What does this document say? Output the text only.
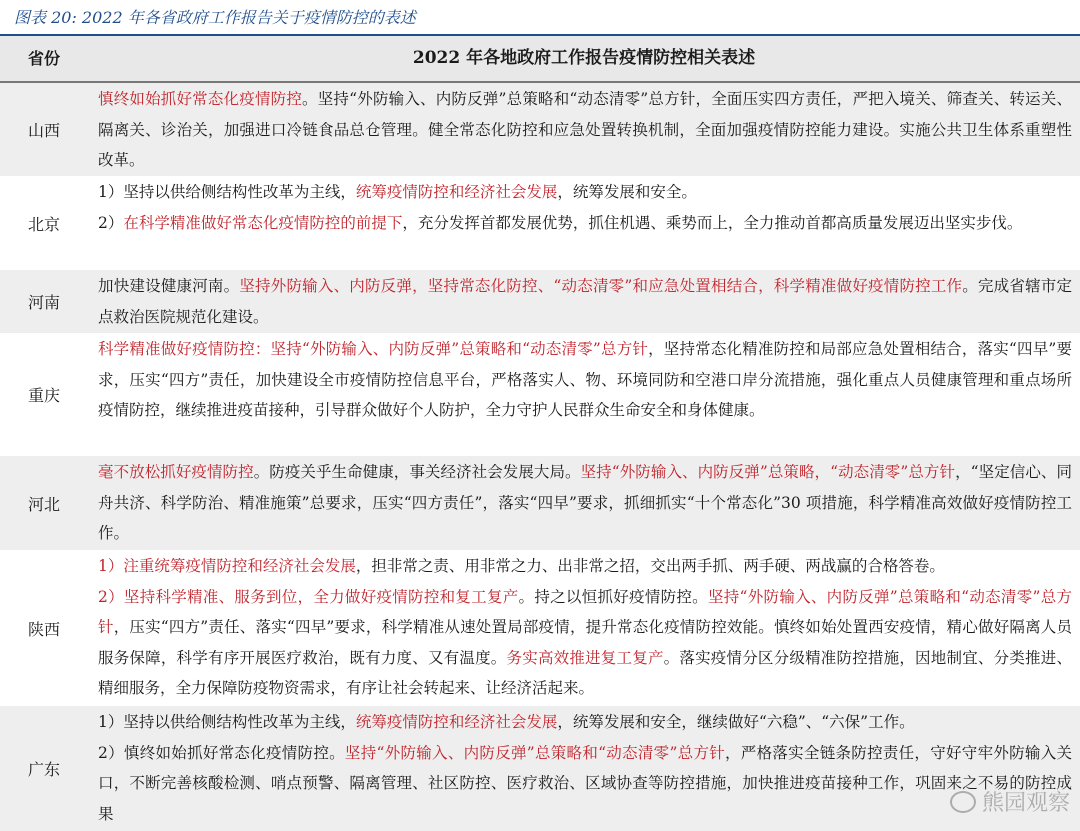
图表 20: 2022 年各省政府工作报告关于疫情防控的表述
省份	2022 年各地政府工作报告疫情防控相关表述
山西

慎终如始抓好常态化疫情防控。坚持“外防输入、内防反弹”总策略和“动态清零”总方针，全面压实四方责任，严把入境关、筛查关、转运关、隔离关、诊治关，加强进口冷链食品总仓管理。健全常态化防控和应急处置转换机制，全面加强疫情防控能力建设。实施公共卫生体系重塑性改革。

北京

1）坚持以供给侧结构性改革为主线，统筹疫情防控和经济社会发展，统筹发展和安全。

2）在科学精准做好常态化疫情防控的前提下，充分发挥首都发展优势，抓住机遇、乘势而上，全力推动首都高质量发展迈出坚实步伐。

河南

加快建设健康河南。坚持外防输入、内防反弹，坚持常态化防控、“动态清零”和应急处置相结合，科学精准做好疫情防控工作。完成省辖市定点救治医院规范化建设。

重庆

科学精准做好疫情防控：坚持“外防输入、内防反弹”总策略和“动态清零”总方针，坚持常态化精准防控和局部应急处置相结合，落实“四早”要求，压实“四方”责任，加快建设全市疫情防控信息平台，严格落实人、物、环境同防和空港口岸分流措施，强化重点人员健康管理和重点场所疫情防控，继续推进疫苗接种，引导群众做好个人防护，全力守护人民群众生命安全和身体健康。

河北

毫不放松抓好疫情防控。防疫关乎生命健康，事关经济社会发展大局。坚持“外防输入、内防反弹”总策略，“动态清零”总方针，“坚定信心、同舟共济、科学防治、精准施策”总要求，压实“四方责任”，落实“四早”要求，抓细抓实“十个常态化”30 项措施，科学精准高效做好疫情防控工作。

陕西

1）注重统筹疫情防控和经济社会发展，担非常之责、用非常之力、出非常之招，交出两手抓、两手硬、两战赢的合格答卷。

2）坚持科学精准、服务到位，全力做好疫情防控和复工复产。持之以恒抓好疫情防控。坚持“外防输入、内防反弹”总策略和“动态清零”总方针，压实“四方”责任、落实“四早”要求，科学精准从速处置局部疫情，提升常态化疫情防控效能。慎终如始处置西安疫情，精心做好隔离人员服务保障，科学有序开展医疗救治，既有力度、又有温度。务实高效推进复工复产。落实疫情分区分级精准防控措施，因地制宜、分类推进、精细服务，全力保障防疫物资需求，有序让社会转起来、让经济活起来。

广东

1）坚持以供给侧结构性改革为主线，统筹疫情防控和经济社会发展，统筹发展和安全，继续做好“六稳”、“六保”工作。

2）慎终如始抓好常态化疫情防控。坚持“外防输入、内防反弹”总策略和“动态清零”总方针，严格落实全链条防控责任，守好守牢外防输入关口，不断完善核酸检测、哨点预警、隔离管理、社区防控、医疗救治、区域协查等防控措施，加快推进疫苗接种工作，巩固来之不易的防控成果	熊园观察
